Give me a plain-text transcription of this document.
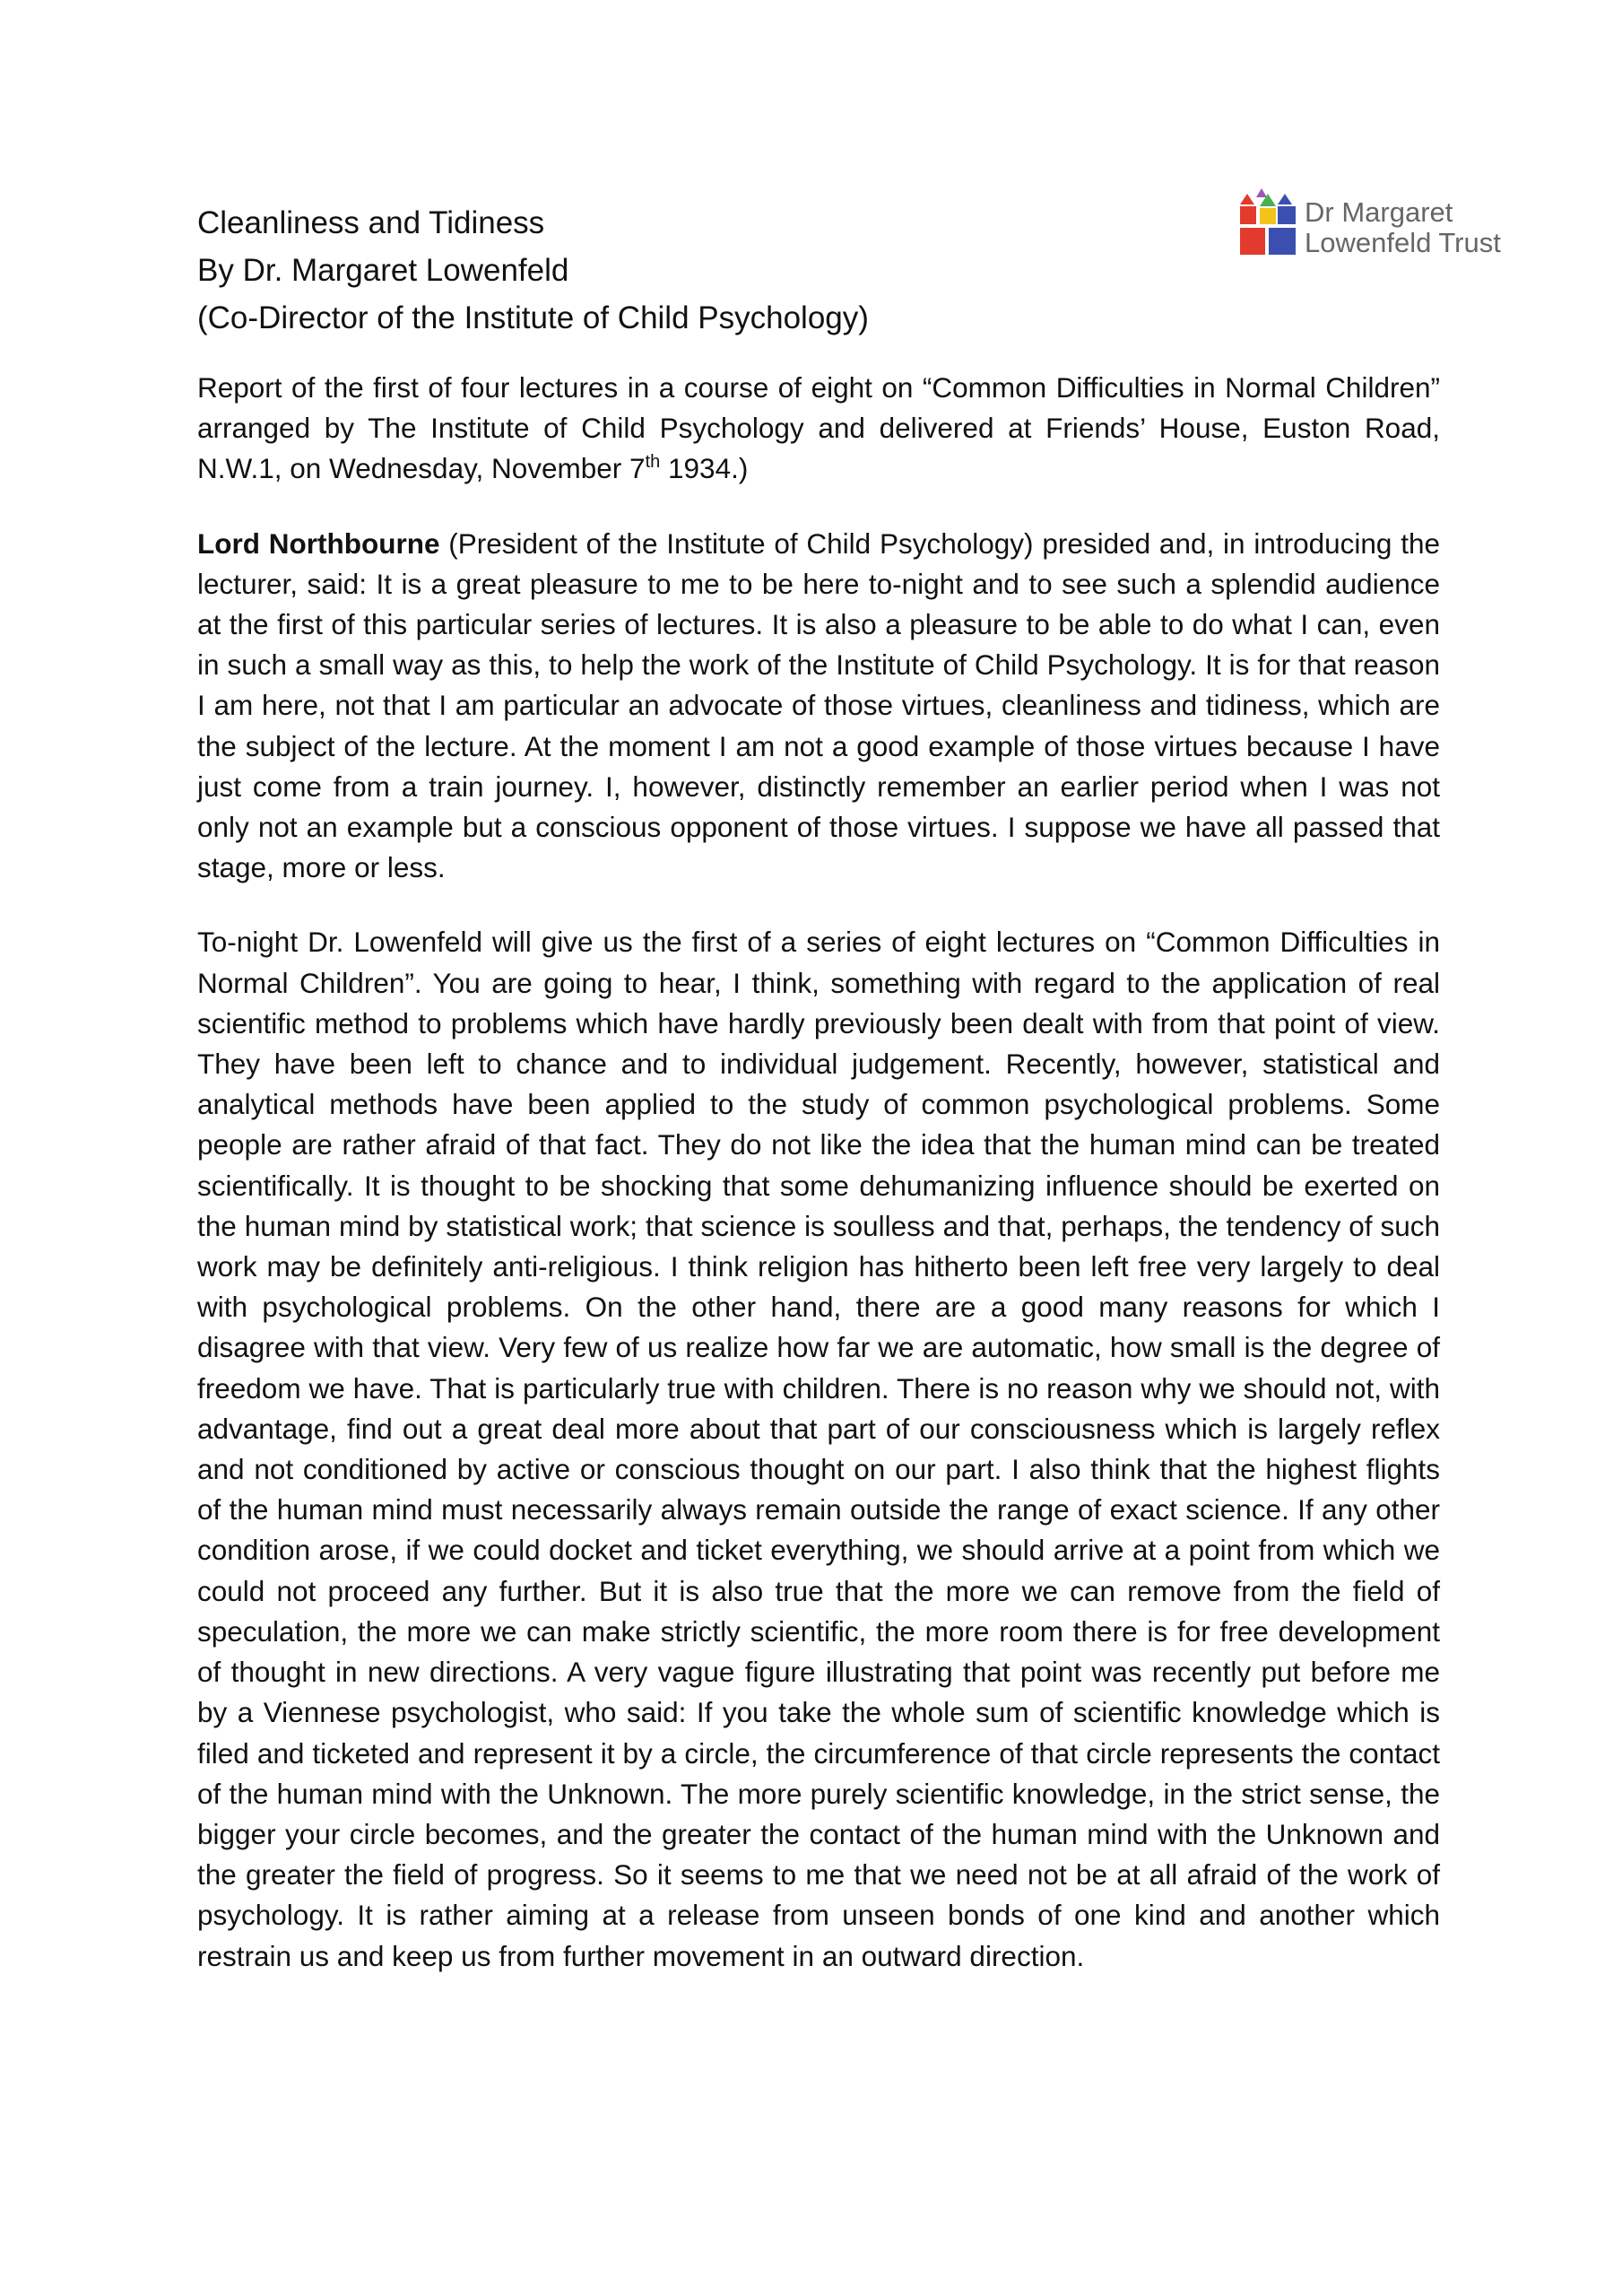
Cleanliness and Tidiness
By Dr. Margaret Lowenfeld
(Co-Director of the Institute of Child Psychology)
Dr Margaret
Lowenfeld Trust

Report of the first of four lectures in a course of eight on “Common Difficulties in Normal Children” arranged by The Institute of Child Psychology and delivered at Friends’ House, Euston Road, N.W.1, on Wednesday, November 7th 1934.)

Lord Northbourne (President of the Institute of Child Psychology) presided and, in introducing the lecturer, said: It is a great pleasure to me to be here to-night and to see such a splendid audience at the first of this particular series of lectures. It is also a pleasure to be able to do what I can, even in such a small way as this, to help the work of the Institute of Child Psychology. It is for that reason I am here, not that I am particular an advocate of those virtues, cleanliness and tidiness, which are the subject of the lecture. At the moment I am not a good example of those virtues because I have just come from a train journey. I, however, distinctly remember an earlier period when I was not only not an example but a conscious opponent of those virtues. I suppose we have all passed that stage, more or less.

To-night Dr. Lowenfeld will give us the first of a series of eight lectures on “Common Difficulties in Normal Children”. You are going to hear, I think, something with regard to the application of real scientific method to problems which have hardly previously been dealt with from that point of view. They have been left to chance and to individual judgement. Recently, however, statistical and analytical methods have been applied to the study of common psychological problems. Some people are rather afraid of that fact. They do not like the idea that the human mind can be treated scientifically. It is thought to be shocking that some dehumanizing influence should be exerted on the human mind by statistical work; that science is soulless and that, perhaps, the tendency of such work may be definitely anti-religious. I think religion has hitherto been left free very largely to deal with psychological problems. On the other hand, there are a good many reasons for which I disagree with that view. Very few of us realize how far we are automatic, how small is the degree of freedom we have. That is particularly true with children. There is no reason why we should not, with advantage, find out a great deal more about that part of our consciousness which is largely reflex and not conditioned by active or conscious thought on our part. I also think that the highest flights of the human mind must necessarily always remain outside the range of exact science. If any other condition arose, if we could docket and ticket everything, we should arrive at a point from which we could not proceed any further. But it is also true that the more we can remove from the field of speculation, the more we can make strictly scientific, the more room there is for free development of thought in new directions. A very vague figure illustrating that point was recently put before me by a Viennese psychologist, who said: If you take the whole sum of scientific knowledge which is filed and ticketed and represent it by a circle, the circumference of that circle represents the contact of the human mind with the Unknown. The more purely scientific knowledge, in the strict sense, the bigger your circle becomes, and the greater the contact of the human mind with the Unknown and the greater the field of progress. So it seems to me that we need not be at all afraid of the work of psychology. It is rather aiming at a release from unseen bonds of one kind and another which restrain us and keep us from further movement in an outward direction.
